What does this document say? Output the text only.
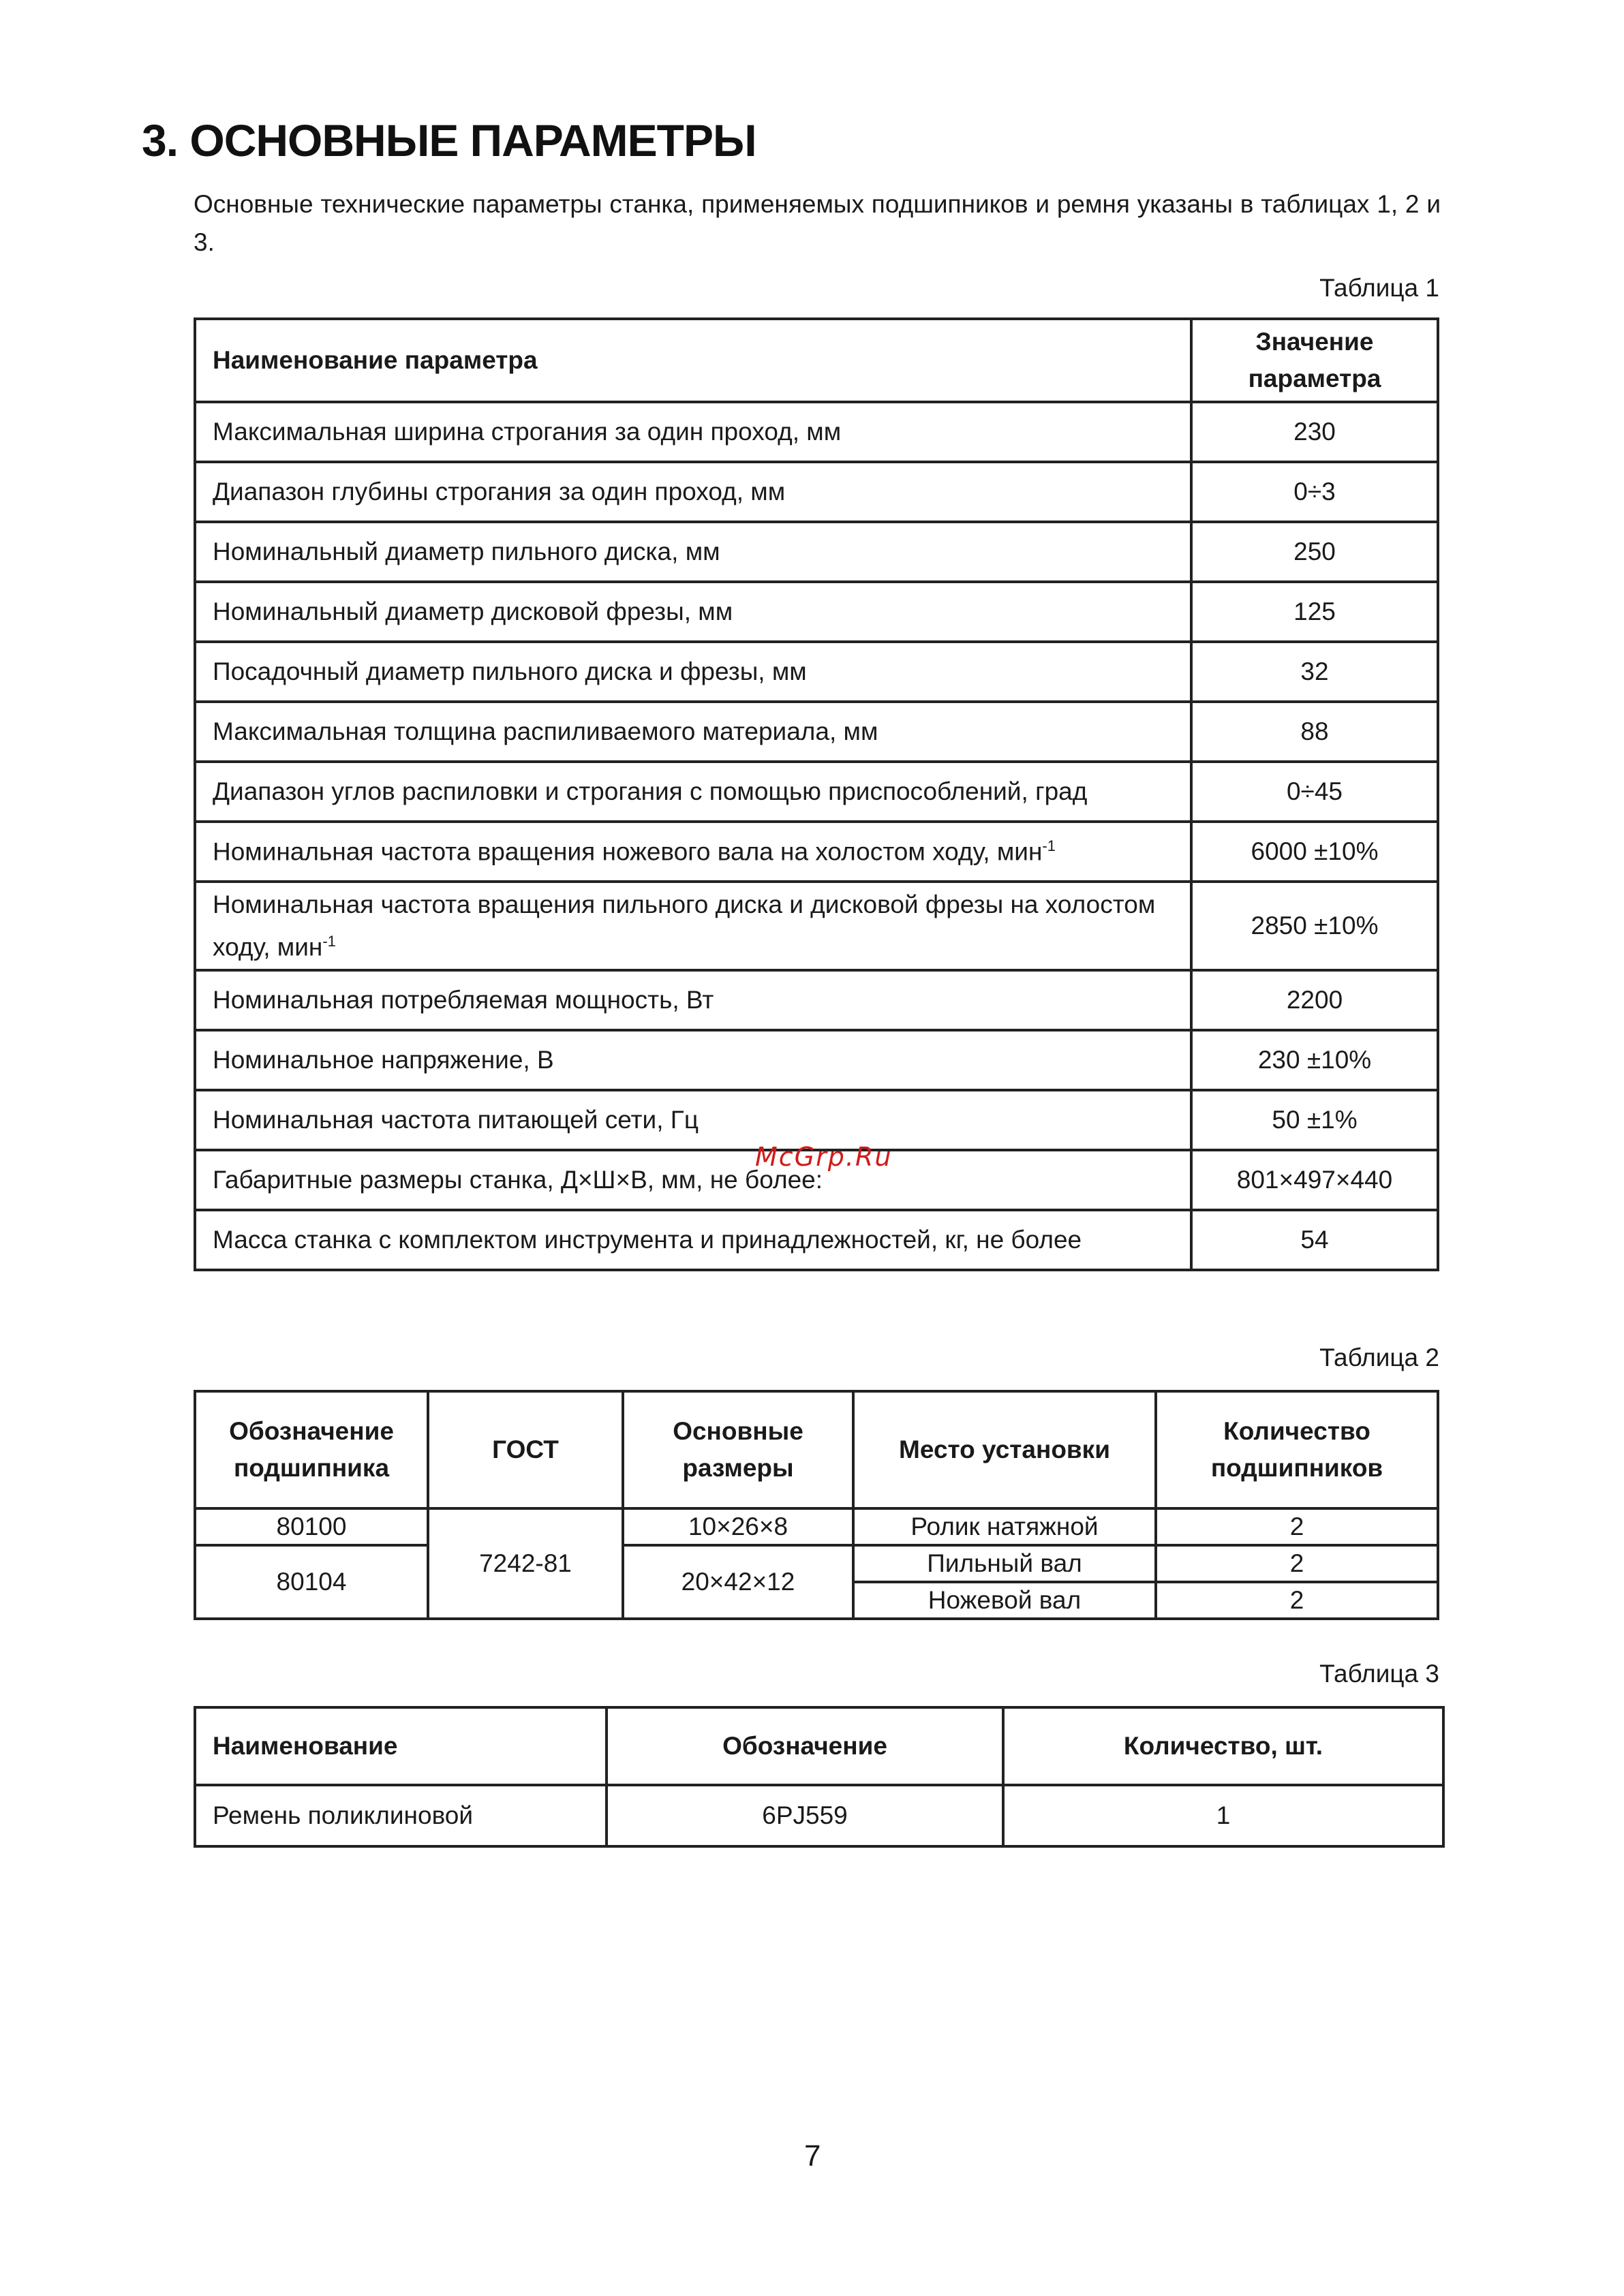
3. ОСНОВНЫЕ ПАРАМЕТРЫ

Основные технические параметры станка, применяемых подшипников и ремня указаны в таблицах 1, 2 и 3.

Таблица 1
Наименование параметра	Значение параметра
Максимальная ширина строгания за один проход, мм	230
Диапазон глубины строгания за один проход, мм	0÷3
Номинальный диаметр пильного диска, мм	250
Номинальный диаметр дисковой фрезы, мм	125
Посадочный диаметр пильного диска и фрезы, мм	32
Максимальная толщина распиливаемого материала, мм	88
Диапазон углов распиловки и строгания с помощью приспособлений, град	0÷45
Номинальная частота вращения ножевого вала на холостом ходу, мин$^{-1}$	6000 ±10%
Номинальная частота вращения пильного диска и дисковой фрезы на холостом ходу, мин$^{-1}$	2850 ±10%
Номинальная потребляемая мощность, Вт	2200
Номинальное напряжение, В	230 ±10%
Номинальная частота питающей сети, Гц	50 ±1%
Габаритные размеры станка, Д×Ш×В, мм, не более:	801×497×440
Масса станка с комплектом инструмента и принадлежностей, кг, не более	54
McGrp.Ru
Таблица 2
Обозначение подшипника	ГОСТ	Основные размеры	Место установки	Количество подшипников
80100	7242-81	10×26×8	Ролик натяжной	2
80104		20×42×12	Пильный вал	2
			Ножевой вал	2
Таблица 3
Наименование	Обозначение	Количество, шт.
Ремень поликлиновой	6PJ559	1
7
